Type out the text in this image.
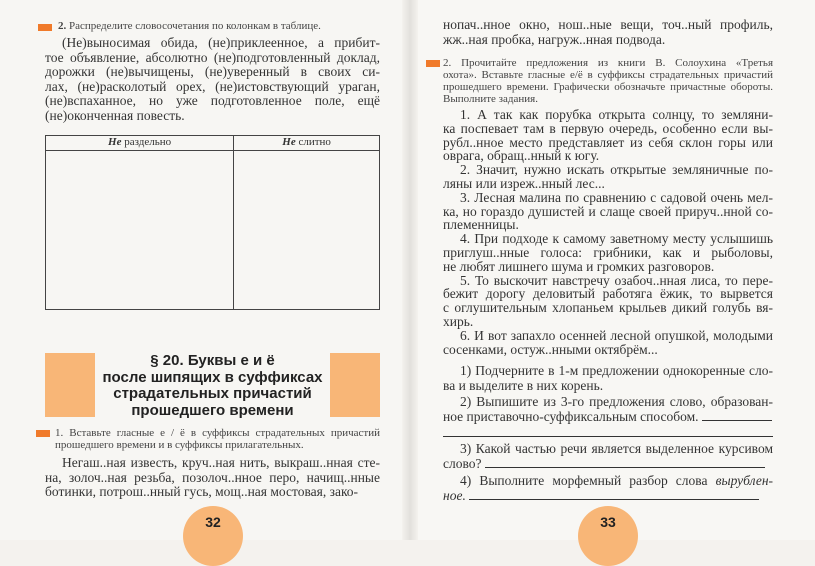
2. Распределите словосочетания по колонкам в таблице.
(Не)выносимая обида, (не)приклеенное, а прибит-
тое объявление, абсолютно (не)подготовленный доклад,
дорожки (не)вычищены, (не)уверенный в своих си-
лах, (не)расколотый орех, (не)истовствующий ураган,
(не)вспаханное, но уже подготовленное поле, ещё
(не)оконченная повесть.
Не раздельно	Не слитно

§ 20. Буквы е и ё
после шипящих в суффиксах
страдательных причастий
прошедшего времени
1. Вставьте гласные е / ё в суффиксы страдательных причастий
прошедшего времени и в суффиксы прилагательных.
Негаш..ная известь, круч..ная нить, выкраш..нная сте-
на, золоч..ная резьба, позолоч..нное перо, начищ..нные
ботинки, потрош..нный гусь, мощ..ная мостовая, зако-
32
нопач..нное окно, нош..ные вещи, точ..ный профиль,
жж..ная пробка, нагруж..нная подвода.
2. Прочитайте предложения из книги В. Солоухина «Третья
охота». Вставьте гласные е/ё в суффиксы страдательных причастий
прошедшего времени. Графически обозначьте причастные обороты.
Выполните задания.
1. А так как порубка открыта солнцу, то земляни-
ка поспевает там в первую очередь, особенно если вы-
рубл..нное место представляет из себя склон горы или
оврага, обращ..нный к югу.
2. Значит, нужно искать открытые земляничные по-
ляны или изреж..нный лес...
3. Лесная малина по сравнению с садовой очень мел-
ка, но гораздо душистей и слаще своей прируч..нной со-
племенницы.
4. При подходе к самому заветному месту услышишь
приглуш..нные голоса: грибники, как и рыболовы,
не любят лишнего шума и громких разговоров.
5. То выскочит навстречу озабоч..нная лиса, то пере-
бежит дорогу деловитый работяга ёжик, то вырвется
с оглушительным хлопаньем крыльев дикий голубь вя-
хирь.
6. И вот запахло осенней лесной опушкой, молодыми
сосенками, остуж..нными октябрём...
1) Подчерните в 1-м предложении однокоренные сло-
ва и выделите в них корень.
2) Выпишите из 3-го предложения слово, образован-
ное приставочно-суффиксальным способом.
3) Какой частью речи является выделенное курсивом
слово?
4) Выполните морфемный разбор слова вырублен-
ное.
33
